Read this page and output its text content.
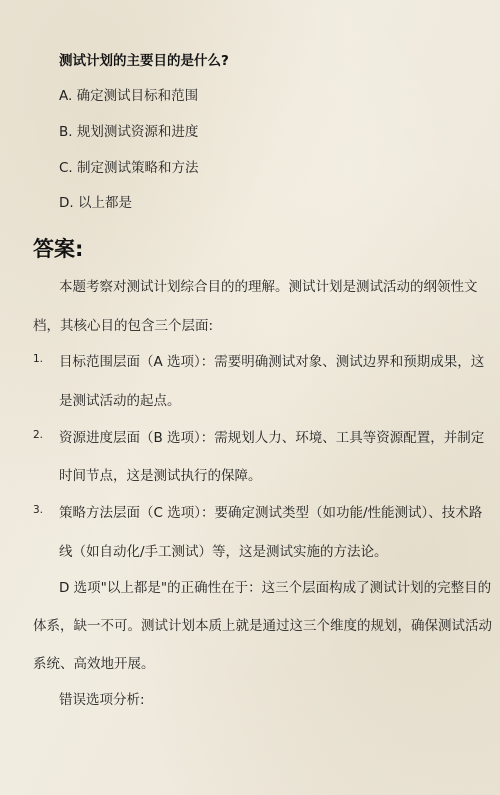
测试计划的主要目的是什么?
A. 确定测试目标和范围
B. 规划测试资源和进度
C. 制定测试策略和方法
D. 以上都是
答案:
本题考察对测试计划综合目的的理解。测试计划是测试活动的纲领性文
档，其核心目的包含三个层面:
1. 目标范围层面（A 选项）：需要明确测试对象、测试边界和预期成果，这
是测试活动的起点。
2. 资源进度层面（B 选项）：需规划人力、环境、工具等资源配置，并制定
时间节点，这是测试执行的保障。
3. 策略方法层面（C 选项）：要确定测试类型（如功能/性能测试）、技术路
线（如自动化/手工测试）等，这是测试实施的方法论。
D 选项"以上都是"的正确性在于：这三个层面构成了测试计划的完整目的
体系，缺一不可。测试计划本质上就是通过这三个维度的规划，确保测试活动
系统、高效地开展。
错误选项分析:
